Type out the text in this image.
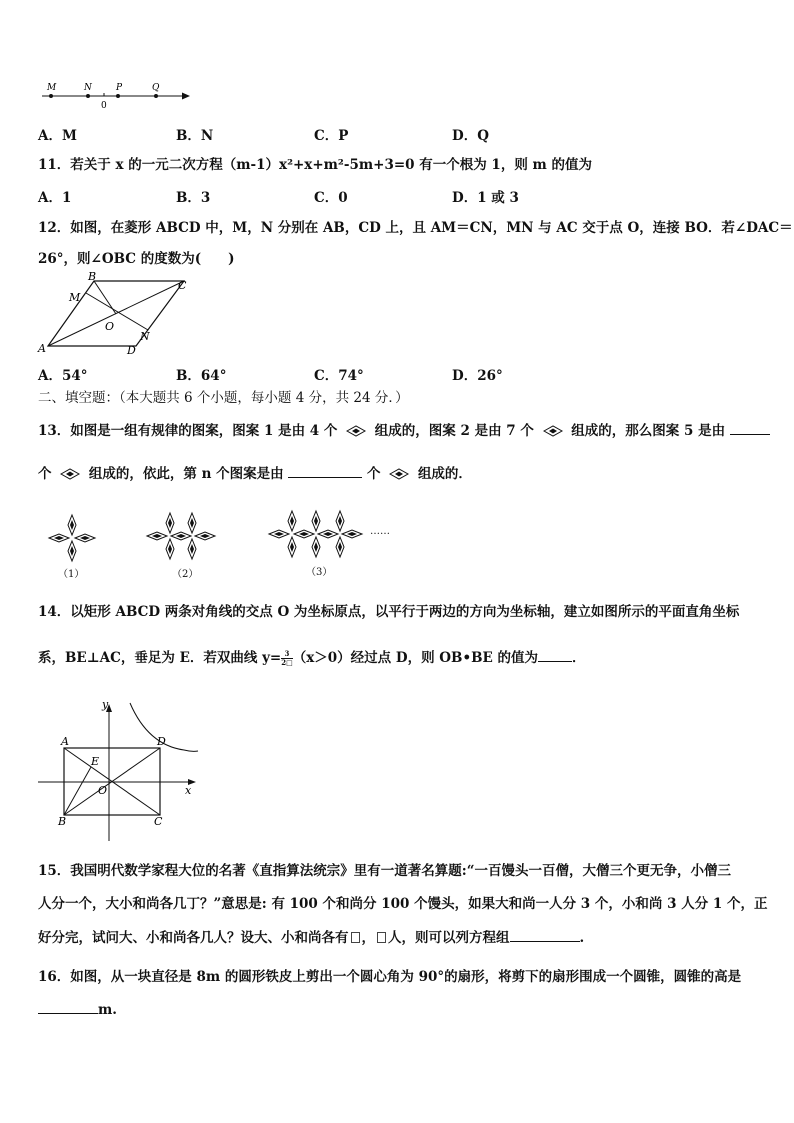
M	N	P	Q
0
A．M	B．N	C．P	D．Q
11．若关于 x 的一元二次方程（m-1）x²+x+m²-5m+3=0 有一个根为 1，则 m 的值为
A．1	B．3	C．0	D．1 或 3
12．如图，在菱形 ABCD 中，M，N 分别在 AB，CD 上，且 AM＝CN，MN 与 AC 交于点 O，连接 BO．若∠DAC＝
26°，则∠OBC 的度数为(　　)
A
B
C
D
M
N
O
A．54°	B．64°	C．74°	D．26°
二、填空题：（本大题共 6 个小题，每小题 4 分，共 24 分．）
13．如图是一组有规律的图案，图案 1 是由 4 个	组成的，图案 2 是由 7 个	组成的，那么图案 5 是由
个	组成的，依此，第 n 个图案是由	个	组成的．
（1）	（2）
……
（3）
14．以矩形 ABCD 两条对角线的交点 O 为坐标原点，以平行于两边的方向为坐标轴，建立如图所示的平面直角坐标
系，BE⊥AC，垂足为 E．若双曲线 $y= \frac{3}{2□} (x>0)$经过点 D，则 OB•BE 的值为	．
y
x
A	D
E
O
B	C
15．我国明代数学家程大位的名著《直指算法统宗》里有一道著名算题:“一百馒头一百僧，大僧三个更无争，小僧三
人分一个，大小和尚各几丁？”意思是: 有 100 个和尚分 100 个馒头，如果大和尚一人分 3 个，小和尚 3 人分 1 个，正
好分完，试问大、小和尚各几人？设大、小和尚各有 ， 人，则可以列方程组	.
16．如图，从一块直径是 8m 的圆形铁皮上剪出一个圆心角为 90°的扇形，将剪下的扇形围成一个圆锥，圆锥的高是
m.
